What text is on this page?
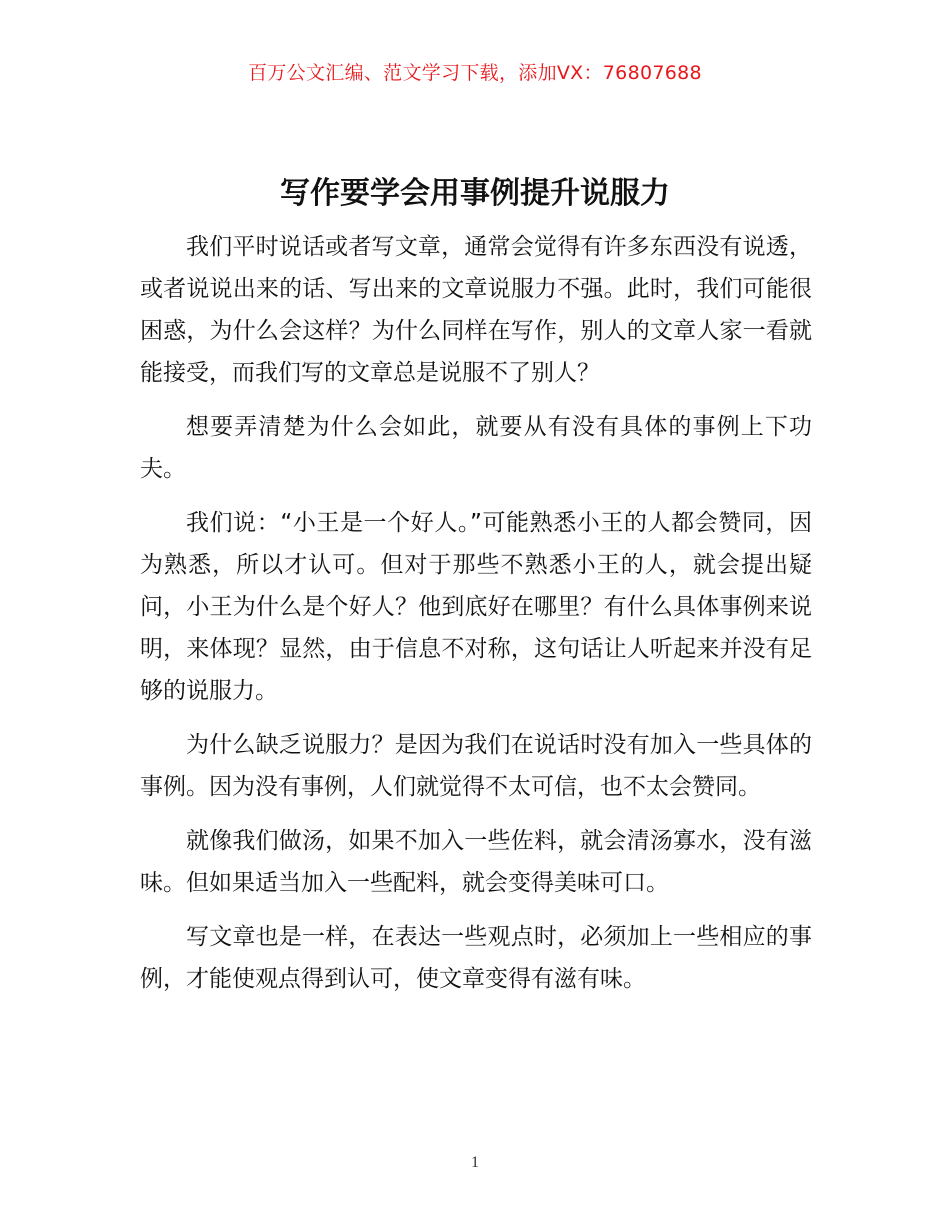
百万公文汇编、范文学习下载，添加VX：76807688
写作要学会用事例提升说服力

我们平时说话或者写文章，通常会觉得有许多东西没有说透，或者说说出来的话、写出来的文章说服力不强。此时，我们可能很困惑，为什么会这样？为什么同样在写作，别人的文章人家一看就能接受，而我们写的文章总是说服不了别人？

想要弄清楚为什么会如此，就要从有没有具体的事例上下功夫。

我们说：“小王是一个好人。”可能熟悉小王的人都会赞同，因为熟悉，所以才认可。但对于那些不熟悉小王的人，就会提出疑问，小王为什么是个好人？他到底好在哪里？有什么具体事例来说明，来体现？显然，由于信息不对称，这句话让人听起来并没有足够的说服力。

为什么缺乏说服力？是因为我们在说话时没有加入一些具体的事例。因为没有事例，人们就觉得不太可信，也不太会赞同。

就像我们做汤，如果不加入一些佐料，就会清汤寡水，没有滋味。但如果适当加入一些配料，就会变得美味可口。

写文章也是一样，在表达一些观点时，必须加上一些相应的事例，才能使观点得到认可，使文章变得有滋有味。

1
